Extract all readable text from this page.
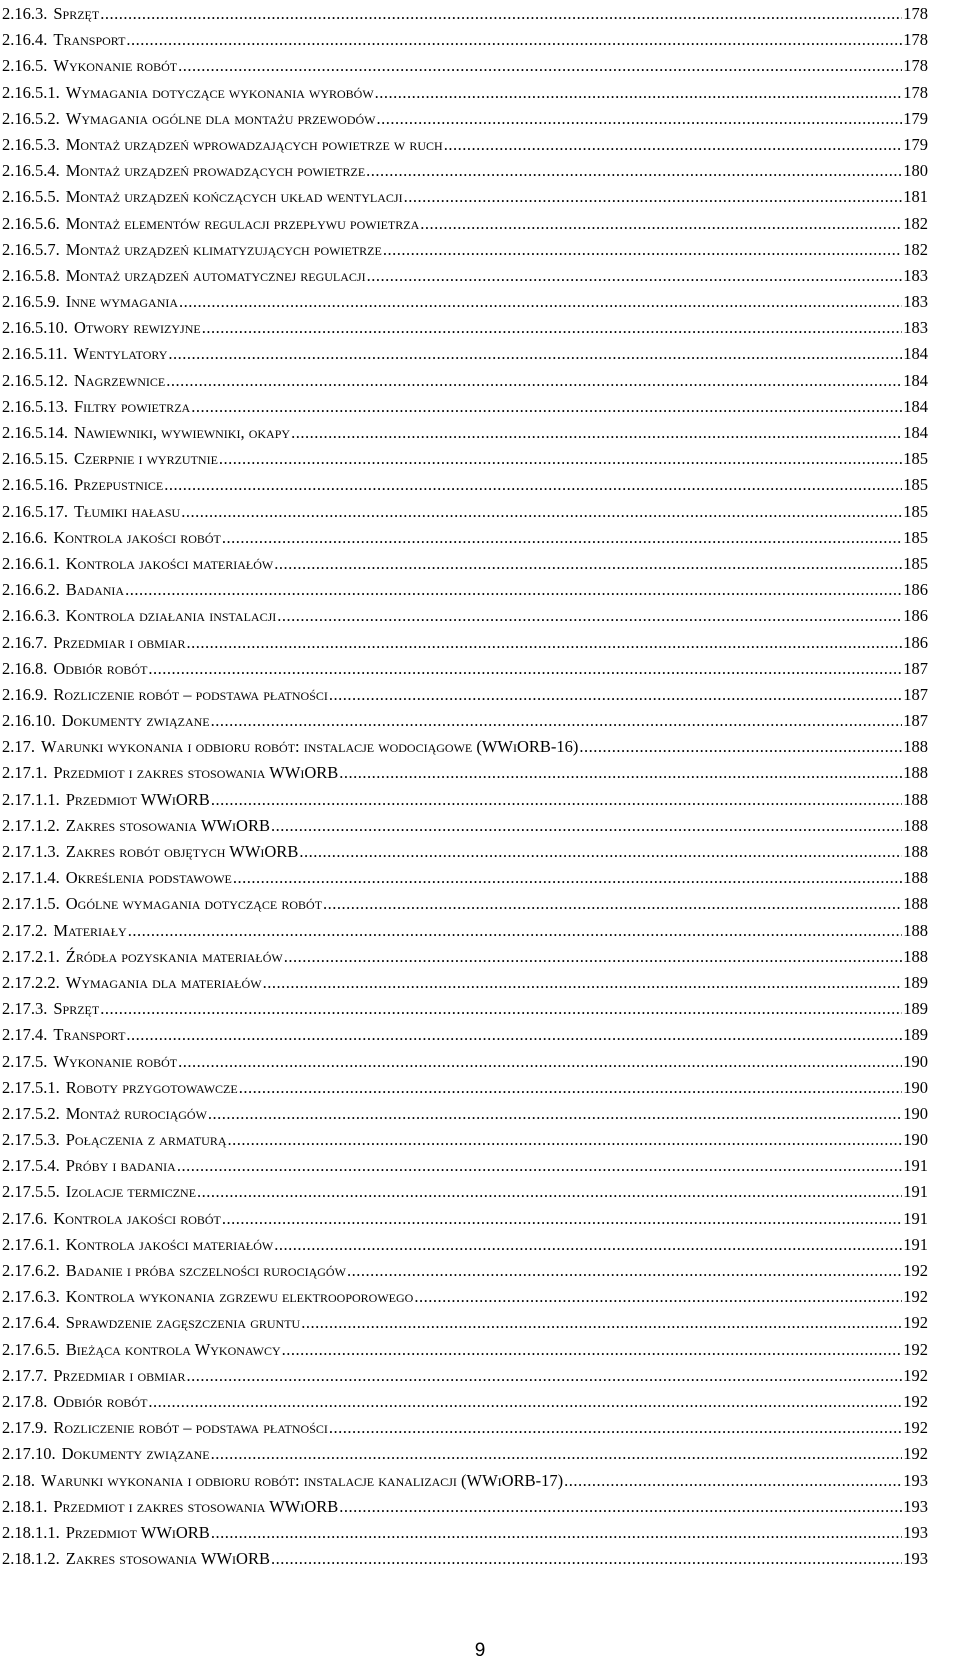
2.16.3. Sprzęt .....	178
2.16.4. Transport .....	178
2.16.5. Wykonanie robót .....	178
2.16.5.1. Wymagania dotyczące wykonania wyrobów .....	178
2.16.5.2. Wymagania ogólne dla montażu przewodów .....	179
2.16.5.3. Montaż urządzeń wprowadzających powietrze w ruch .....	179
2.16.5.4. Montaż urządzeń prowadzących powietrze .....	180
2.16.5.5. Montaż urządzeń kończących układ wentylacji .....	181
2.16.5.6. Montaż elementów regulacji przepływu powietrza .....	182
2.16.5.7. Montaż urządzeń klimatyzujących powietrze .....	182
2.16.5.8. Montaż urządzeń automatycznej regulacji .....	183
2.16.5.9. Inne wymagania .....	183
2.16.5.10. Otwory rewizyjne .....	183
2.16.5.11. Wentylatory .....	184
2.16.5.12. Nagrzewnice .....	184
2.16.5.13. Filtry powietrza .....	184
2.16.5.14. Nawiewniki, wywiewniki, okapy .....	184
2.16.5.15. Czerpnie i wyrzutnie .....	185
2.16.5.16. Przepustnice .....	185
2.16.5.17. Tłumiki hałasu .....	185
2.16.6. Kontrola jakości robót .....	185
2.16.6.1. Kontrola jakości materiałów .....	185
2.16.6.2. Badania .....	186
2.16.6.3. Kontrola działania instalacji .....	186
2.16.7. Przedmiar i obmiar .....	186
2.16.8. Odbiór robót .....	187
2.16.9. Rozliczenie robót – podstawa płatności .....	187
2.16.10. Dokumenty związane .....	187
2.17. Warunki wykonania i odbioru robót: instalacje wodociągowe (WWiORB-16) .....	188
2.17.1. Przedmiot i zakres stosowania WWiORB .....	188
2.17.1.1. Przedmiot WWiORB .....	188
2.17.1.2. Zakres stosowania WWiORB .....	188
2.17.1.3. Zakres robót objętych WWiORB .....	188
2.17.1.4. Określenia podstawowe .....	188
2.17.1.5. Ogólne wymagania dotyczące robót .....	188
2.17.2. Materiały .....	188
2.17.2.1. Źródła pozyskania materiałów .....	188
2.17.2.2. Wymagania dla materiałów .....	189
2.17.3. Sprzęt .....	189
2.17.4. Transport .....	189
2.17.5. Wykonanie robót .....	190
2.17.5.1. Roboty przygotowawcze .....	190
2.17.5.2. Montaż rurociągów .....	190
2.17.5.3. Połączenia z armaturą .....	190
2.17.5.4. Próby i badania .....	191
2.17.5.5. Izolacje termiczne .....	191
2.17.6. Kontrola jakości robót .....	191
2.17.6.1. Kontrola jakości materiałów .....	191
2.17.6.2. Badanie i próba szczelności rurociągów .....	192
2.17.6.3. Kontrola wykonania zgrzewu elektrooporowego .....	192
2.17.6.4. Sprawdzenie zagęszczenia gruntu .....	192
2.17.6.5. Bieżąca kontrola Wykonawcy .....	192
2.17.7. Przedmiar i obmiar .....	192
2.17.8. Odbiór robót .....	192
2.17.9. Rozliczenie robót – podstawa płatności .....	192
2.17.10. Dokumenty związane .....	192
2.18. Warunki wykonania i odbioru robót: instalacje kanalizacji (WWiORB-17) .....	193
2.18.1. Przedmiot i zakres stosowania WWiORB .....	193
2.18.1.1. Przedmiot WWiORB .....	193
2.18.1.2. Zakres stosowania WWiORB .....	193
9
